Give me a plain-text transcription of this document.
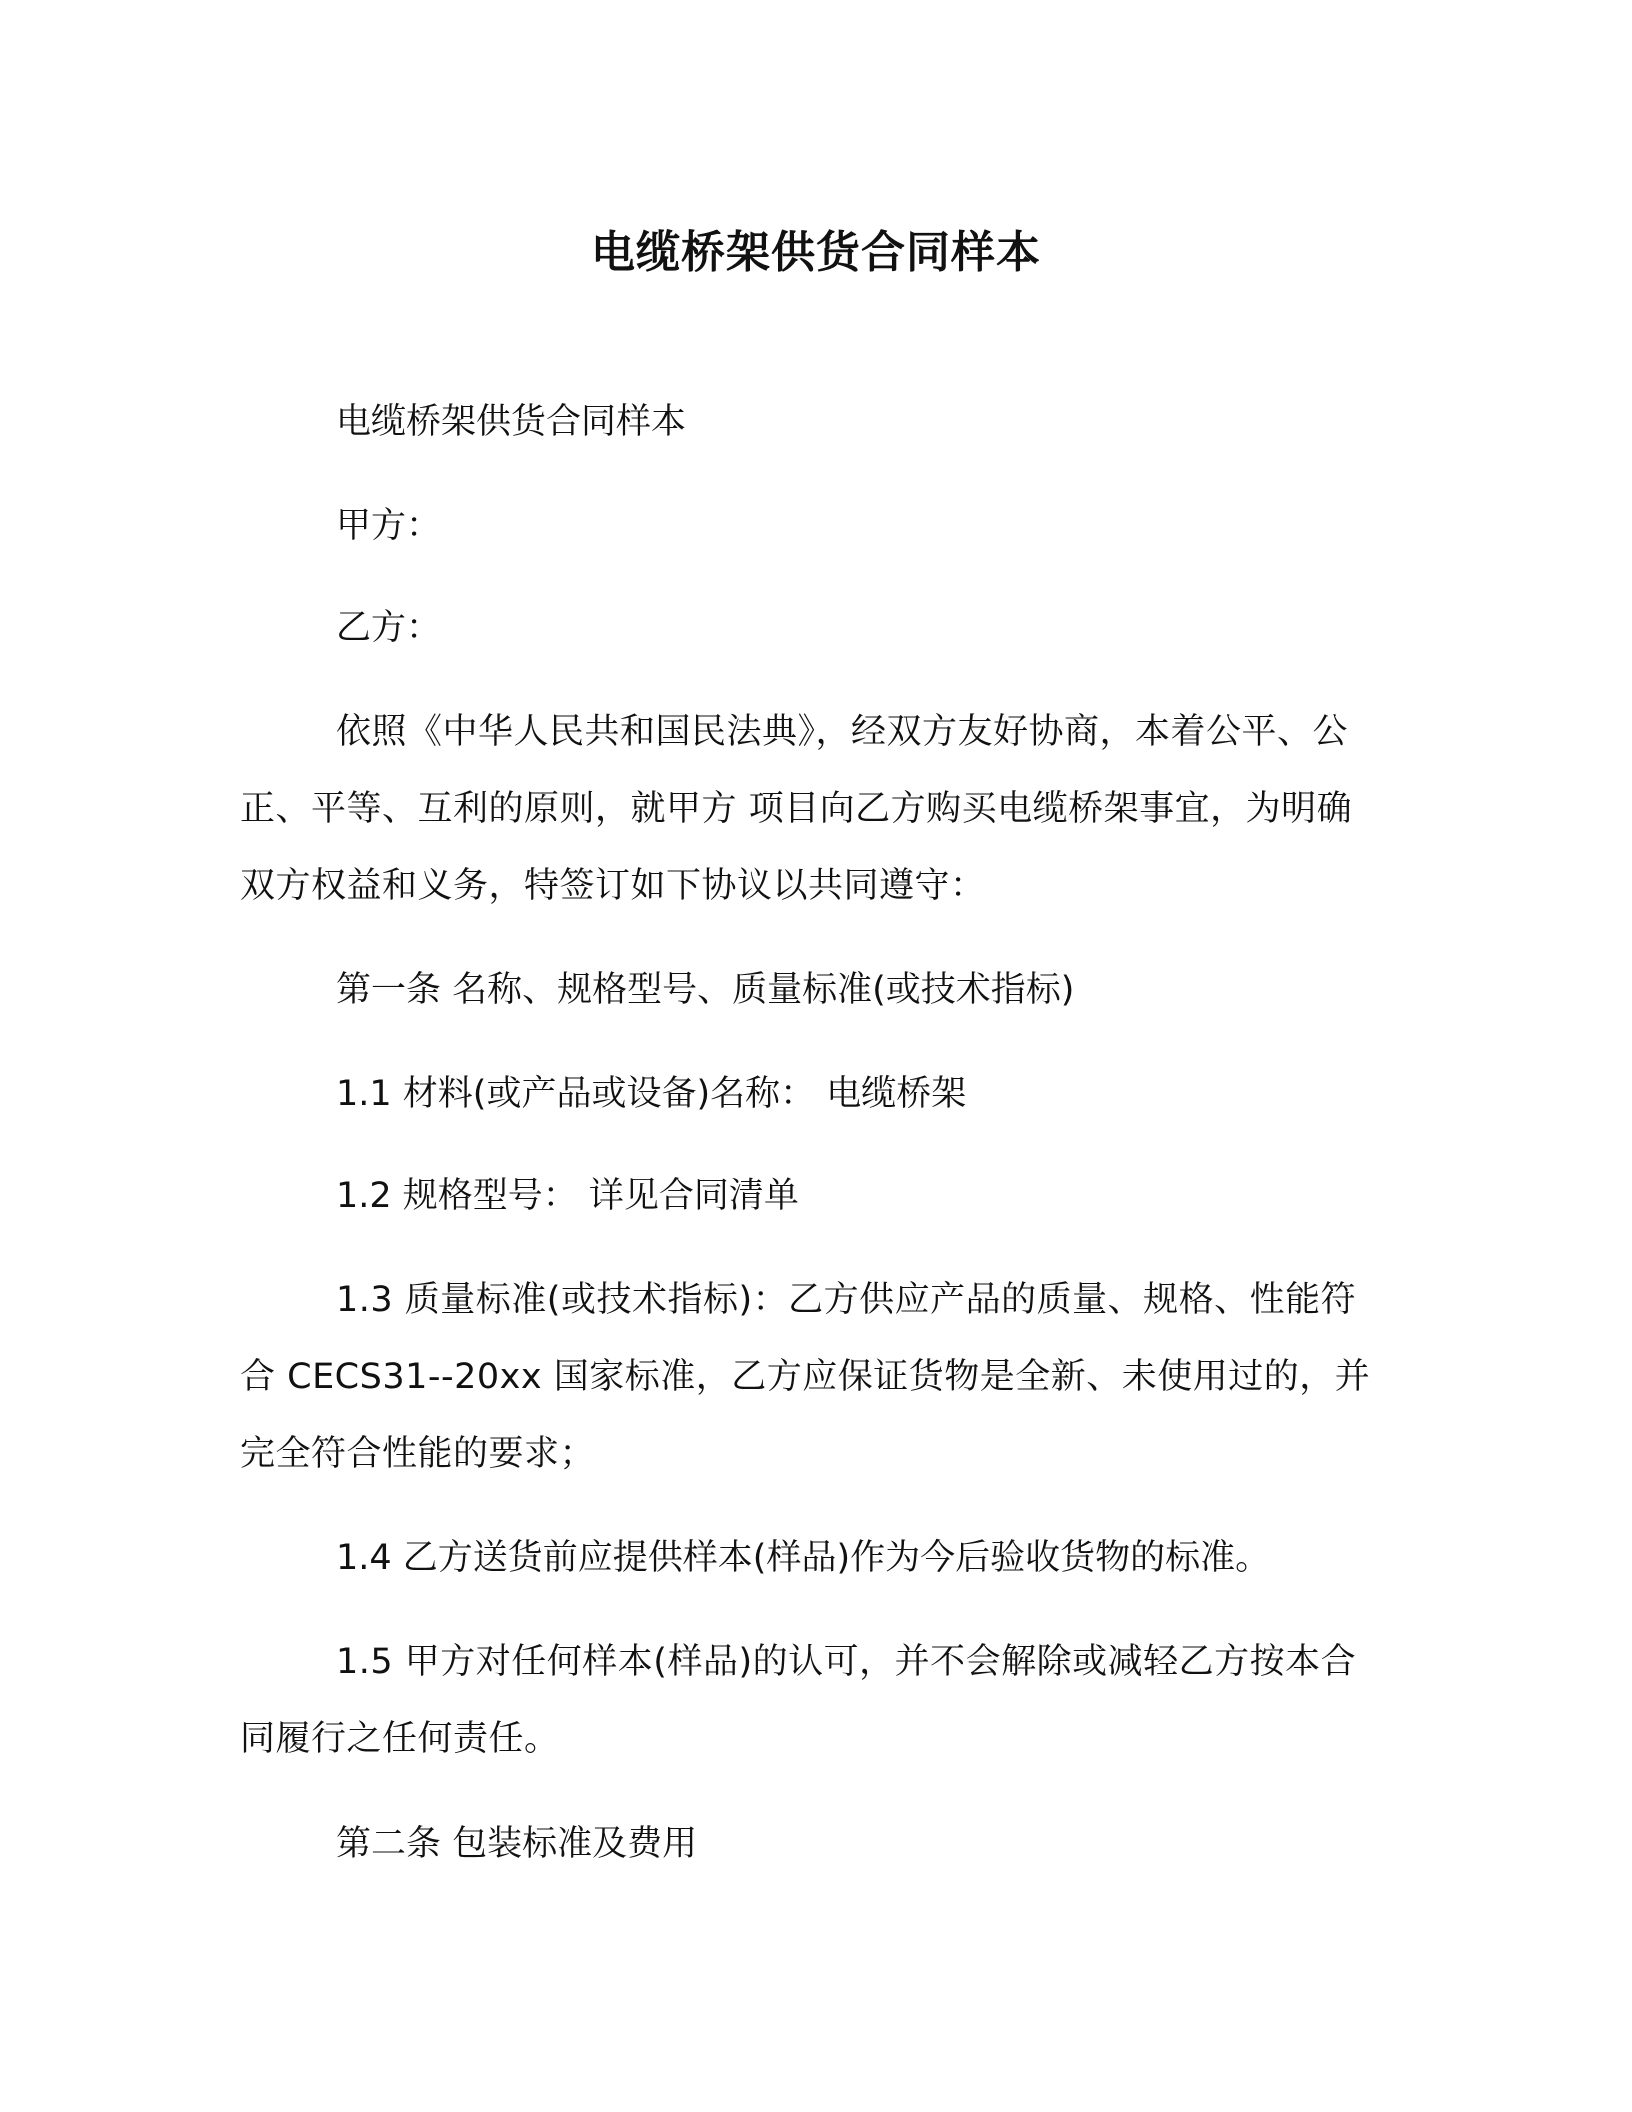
电缆桥架供货合同样本

电缆桥架供货合同样本

甲方：

乙方：

依照《中华人民共和国民法典》，经双方友好协商，本着公平、公正、平等、互利的原则，就甲方 项目向乙方购买电缆桥架事宜，为明确双方权益和义务，特签订如下协议以共同遵守：

第一条 名称、规格型号、质量标准(或技术指标)

1.1 材料(或产品或设备)名称： 电缆桥架

1.2 规格型号： 详见合同清单

1.3 质量标准(或技术指标)：乙方供应产品的质量、规格、性能符合 CECS31--20xx 国家标准，乙方应保证货物是全新、未使用过的，并完全符合性能的要求；

1.4 乙方送货前应提供样本(样品)作为今后验收货物的标准。

1.5 甲方对任何样本(样品)的认可，并不会解除或减轻乙方按本合同履行之任何责任。

第二条 包装标准及费用
